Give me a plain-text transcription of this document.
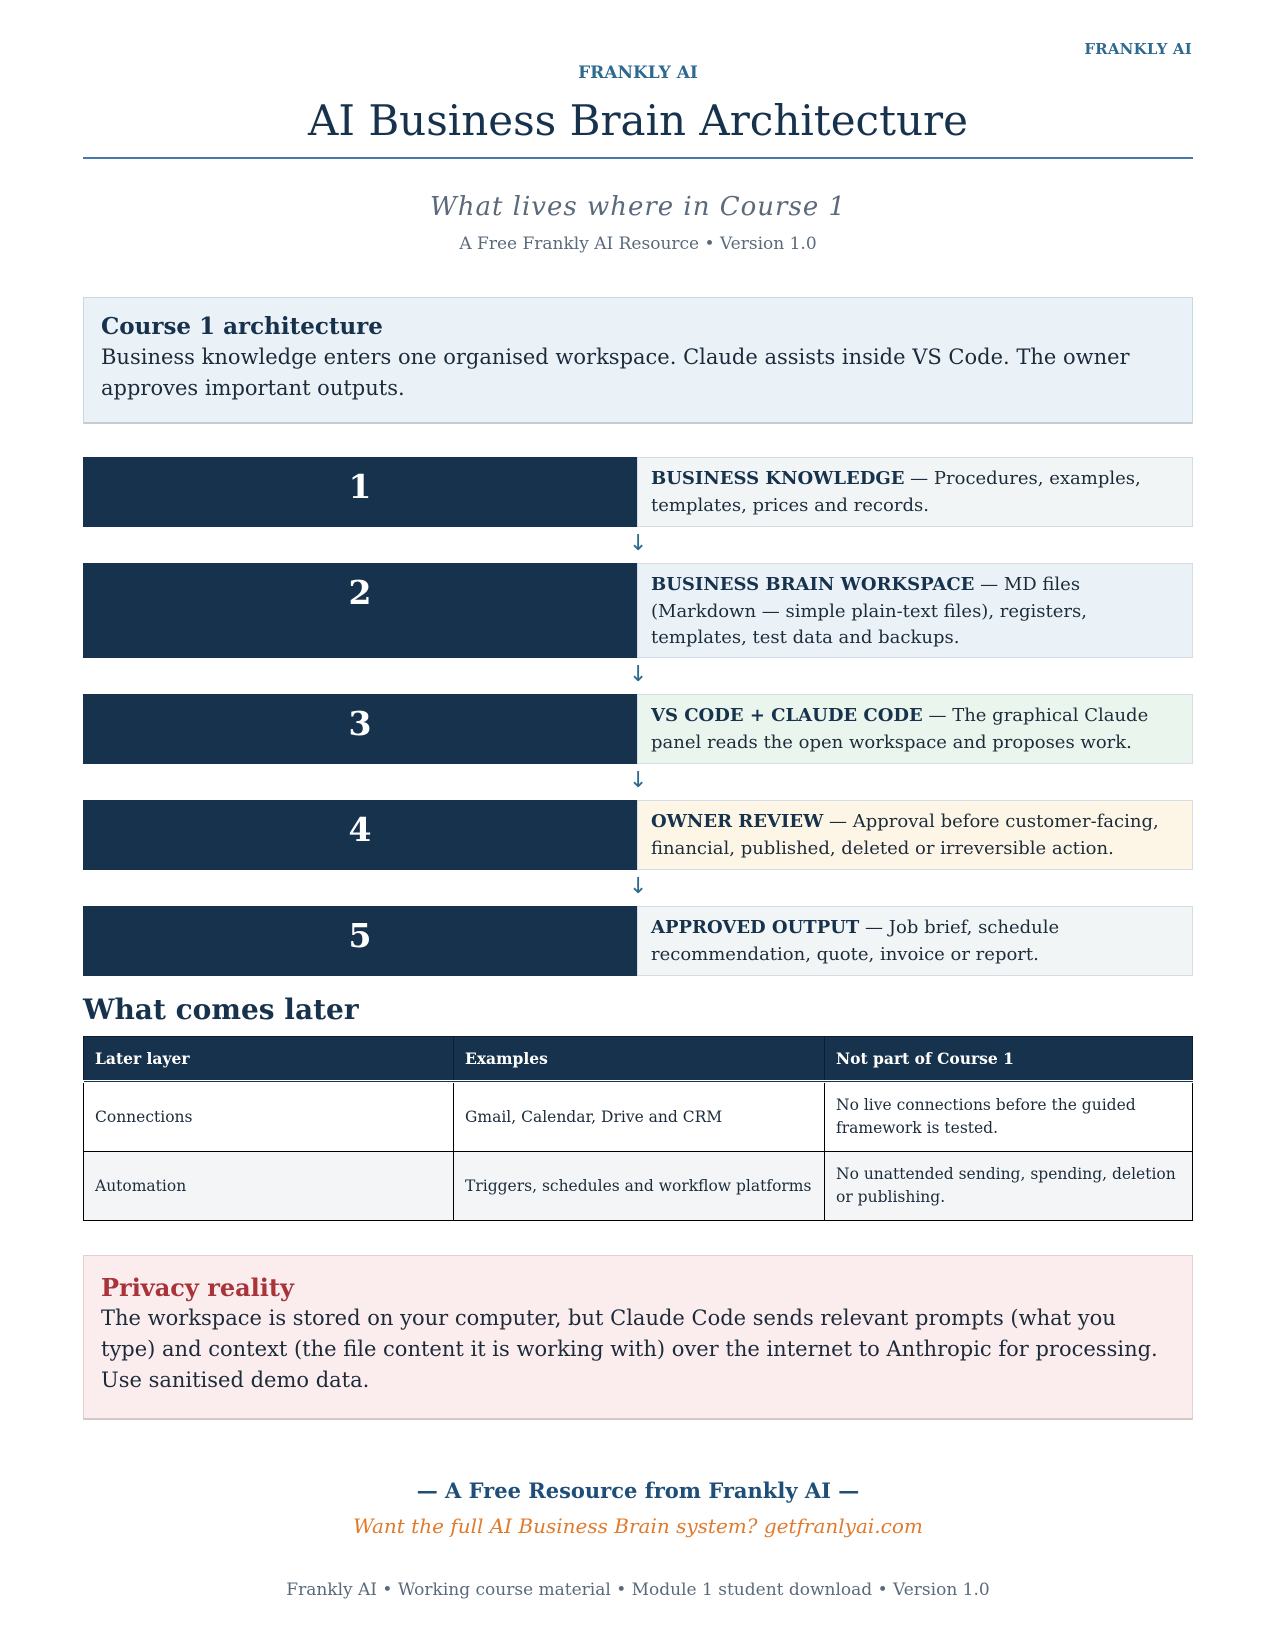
FRANKLY AI
FRANKLY AI
AI Business Brain Architecture
What lives where in Course 1
A Free Frankly AI Resource • Version 1.0
Course 1 architecture
Business knowledge enters one organised workspace. Claude assists inside VS Code. The owner approves important outputs.
1	BUSINESS KNOWLEDGE — Procedures, examples, templates, prices and records.
↓
2	BUSINESS BRAIN WORKSPACE — MD files (Markdown — simple plain-text files), registers, templates, test data and backups.
↓
3	VS CODE + CLAUDE CODE — The graphical Claude panel reads the open workspace and proposes work.
↓
4	OWNER REVIEW — Approval before customer-facing, financial, published, deleted or irreversible action.
↓
5	APPROVED OUTPUT — Job brief, schedule recommendation, quote, invoice or report.
What comes later
Later layer	Examples	Not part of Course 1
Connections	Gmail, Calendar, Drive and CRM	No live connections before the guided framework is tested.
Automation	Triggers, schedules and workflow platforms	No unattended sending, spending, deletion or publishing.
Privacy reality
The workspace is stored on your computer, but Claude Code sends relevant prompts (what you type) and context (the file content it is working with) over the internet to Anthropic for processing. Use sanitised demo data.
— A Free Resource from Frankly AI —
Want the full AI Business Brain system? getfranlyai.com
Frankly AI • Working course material • Module 1 student download • Version 1.0
